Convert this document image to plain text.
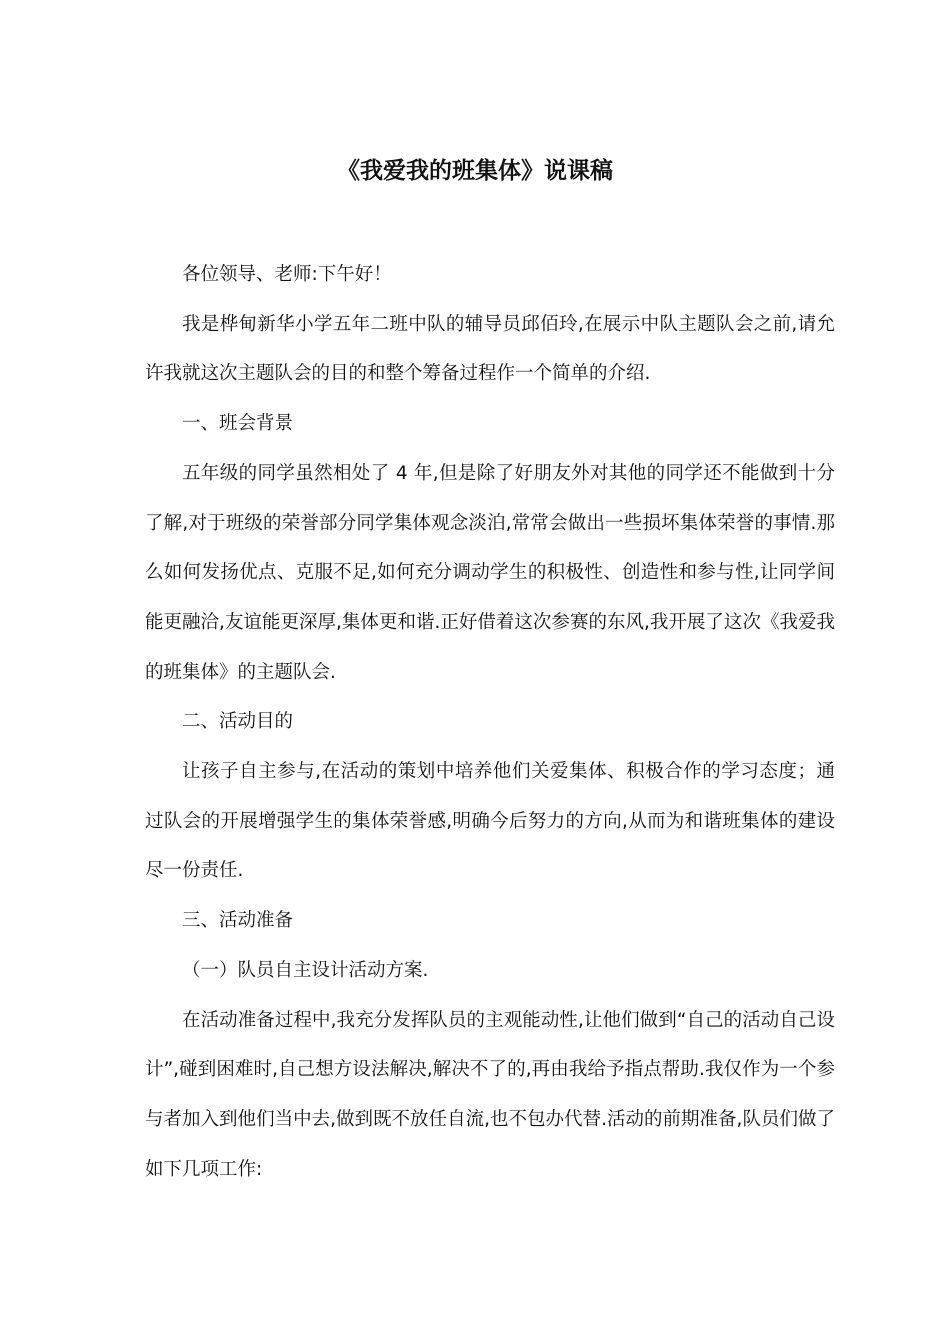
《我爱我的班集体》说课稿

各位领导、老师:下午好！

我是桦甸新华小学五年二班中队的辅导员邱佰玲,在展示中队主题队会之前,请允许我就这次主题队会的目的和整个筹备过程作一个简单的介绍.

一、班会背景

五年级的同学虽然相处了 4 年,但是除了好朋友外对其他的同学还不能做到十分了解,对于班级的荣誉部分同学集体观念淡泊,常常会做出一些损坏集体荣誉的事情.那么如何发扬优点、克服不足,如何充分调动学生的积极性、创造性和参与性,让同学间能更融洽,友谊能更深厚,集体更和谐.正好借着这次参赛的东风,我开展了这次《我爱我的班集体》的主题队会.

二、活动目的

让孩子自主参与,在活动的策划中培养他们关爱集体、积极合作的学习态度；通过队会的开展增强学生的集体荣誉感,明确今后努力的方向,从而为和谐班集体的建设尽一份责任.

三、活动准备

（一）队员自主设计活动方案.

在活动准备过程中,我充分发挥队员的主观能动性,让他们做到“自己的活动自己设计”,碰到困难时,自己想方设法解决,解决不了的,再由我给予指点帮助.我仅作为一个参与者加入到他们当中去,做到既不放任自流,也不包办代替.活动的前期准备,队员们做了如下几项工作:
